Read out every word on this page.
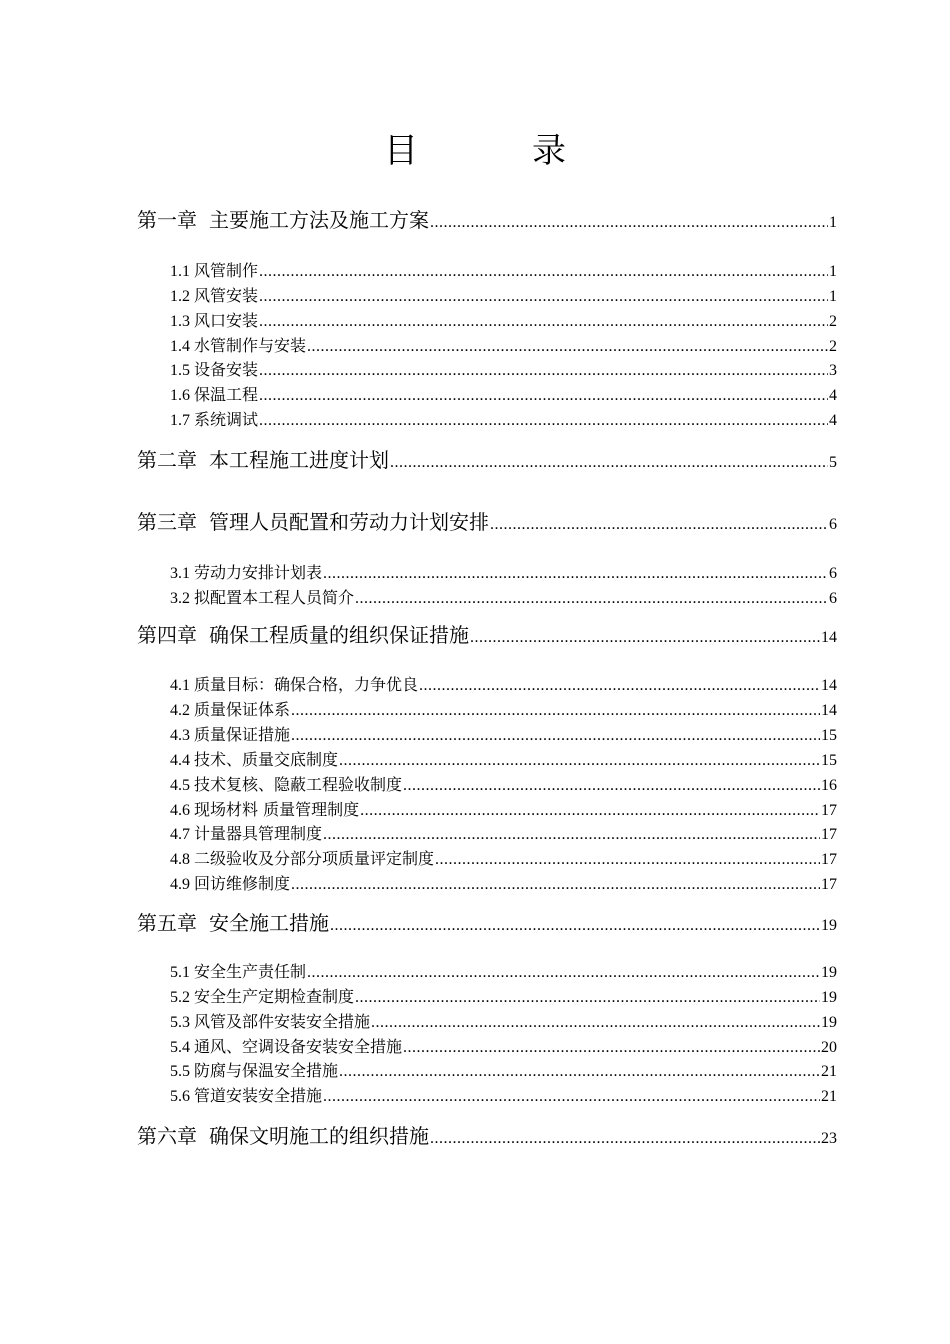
目　录
第一章 主要施工方法及施工方案 .....	1
1.1 风管制作 .....	1
1.2 风管安装 .....	1
1.3 风口安装 .....	2
1.4 水管制作与安装 .....	2
1.5 设备安装 .....	3
1.6 保温工程 .....	4
1.7 系统调试 .....	4
第二章 本工程施工进度计划 .....	5
第三章 管理人员配置和劳动力计划安排 .....	6
3.1 劳动力安排计划表 .....	6
3.2 拟配置本工程人员简介 .....	6
第四章 确保工程质量的组织保证措施 .....	14
4.1 质量目标：确保合格，力争优良 .....	14
4.2 质量保证体系 .....	14
4.3 质量保证措施 .....	15
4.4 技术、质量交底制度 .....	15
4.5 技术复核、隐蔽工程验收制度 .....	16
4.6 现场材料 质量管理制度 .....	17
4.7 计量器具管理制度 .....	17
4.8 二级验收及分部分项质量评定制度 .....	17
4.9 回访维修制度 .....	17
第五章 安全施工措施 .....	19
5.1 安全生产责任制 .....	19
5.2 安全生产定期检查制度 .....	19
5.3 风管及部件安装安全措施 .....	19
5.4 通风、空调设备安装安全措施 .....	20
5.5 防腐与保温安全措施 .....	21
5.6 管道安装安全措施 .....	21
第六章 确保文明施工的组织措施 .....	23
